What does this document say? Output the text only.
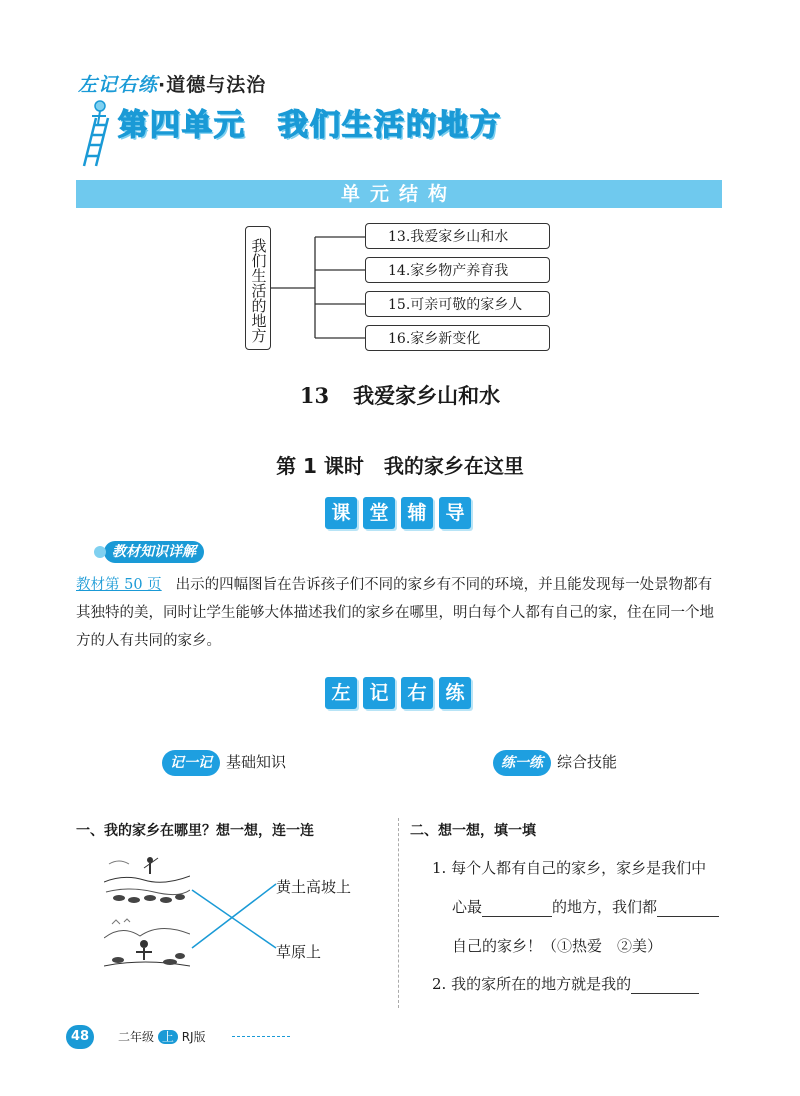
左记右练·道德与法治
第四单元　我们生活的地方
单元结构
我们生活的地方
13.我爱家乡山和水
14.家乡物产养育我
15.可亲可敬的家乡人
16.家乡新变化
13 我爱家乡山和水
第 1 课时　我的家乡在这里
课 堂 辅 导
教材知识详解
教材第 50 页 出示的四幅图旨在告诉孩子们不同的家乡有不同的环境，并且能发现每一处景物都有其独特的美，同时让学生能够大体描述我们的家乡在哪里，明白每个人都有自己的家，住在同一个地方的人有共同的家乡。
左 记 右 练
记一记 基础知识	练一练 综合技能
一、我的家乡在哪里？想一想，连一连
黄土高坡上
草原上
二、想一想，填一填
1. 每个人都有自己的家乡，家乡是我们中
心最	的地方，我们都
自己的家乡！（①热爱　②美）
2. 我的家所在的地方就是我的
48	二年级 上 RJ版
